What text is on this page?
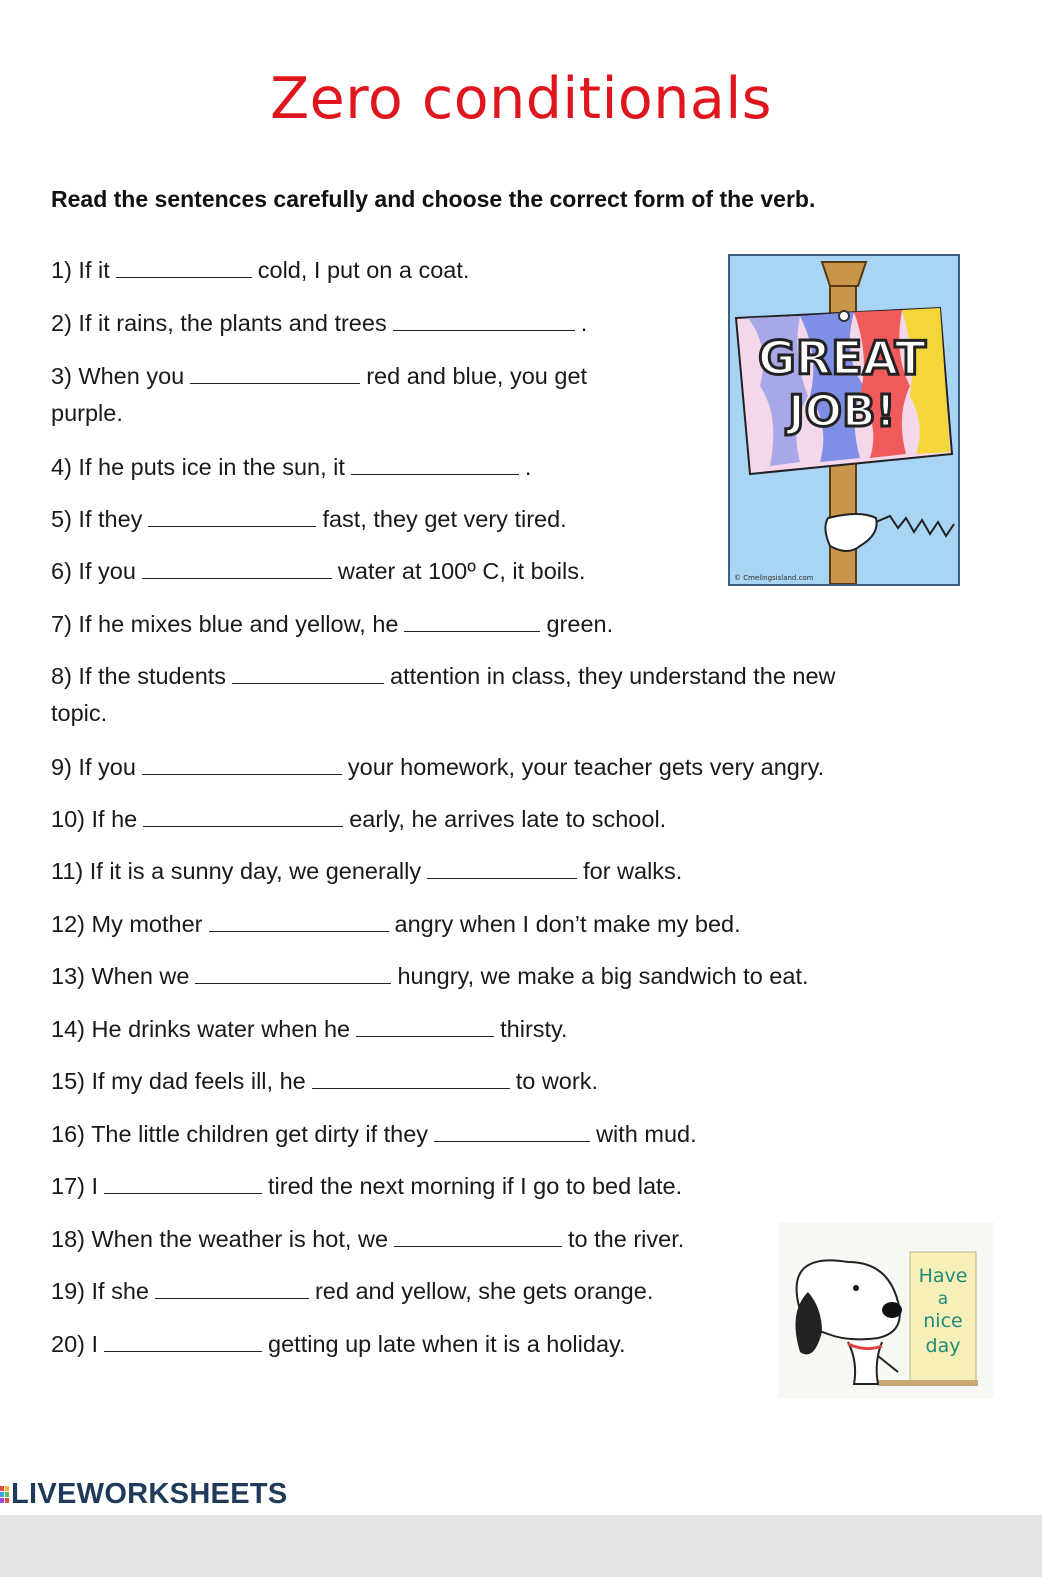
Zero conditionals
Read the sentences carefully and choose the correct form of the verb.
1) If it	cold, I put on a coat.
2) If it rains, the plants and trees	.
3) When you	red and blue, you get
purple.
4) If he puts ice in the sun, it	.
5) If they	fast, they get very tired.
6) If you	water at 100º C, it boils.
7) If he mixes blue and yellow, he	green.
8) If the students	attention in class, they understand the new
topic.
9) If you	your homework, your teacher gets very angry.
10) If he	early, he arrives late to school.
11) If it is a sunny day, we generally	for walks.
12) My mother	angry when I don’t make my bed.
13) When we	hungry, we make a big sandwich to eat.
14) He drinks water when he	thirsty.
15) If my dad feels ill, he	to work.
16) The little children get dirty if they	with mud.
17) I	tired the next morning if I go to bed late.
18) When the weather is hot, we	to the river.
19) If she	red and yellow, she gets orange.
20) I	getting up late when it is a holiday.
GREAT
JOB!
© Cmelingsisland.com
Have
a
nice
day
LIVEWORKSHEETS
